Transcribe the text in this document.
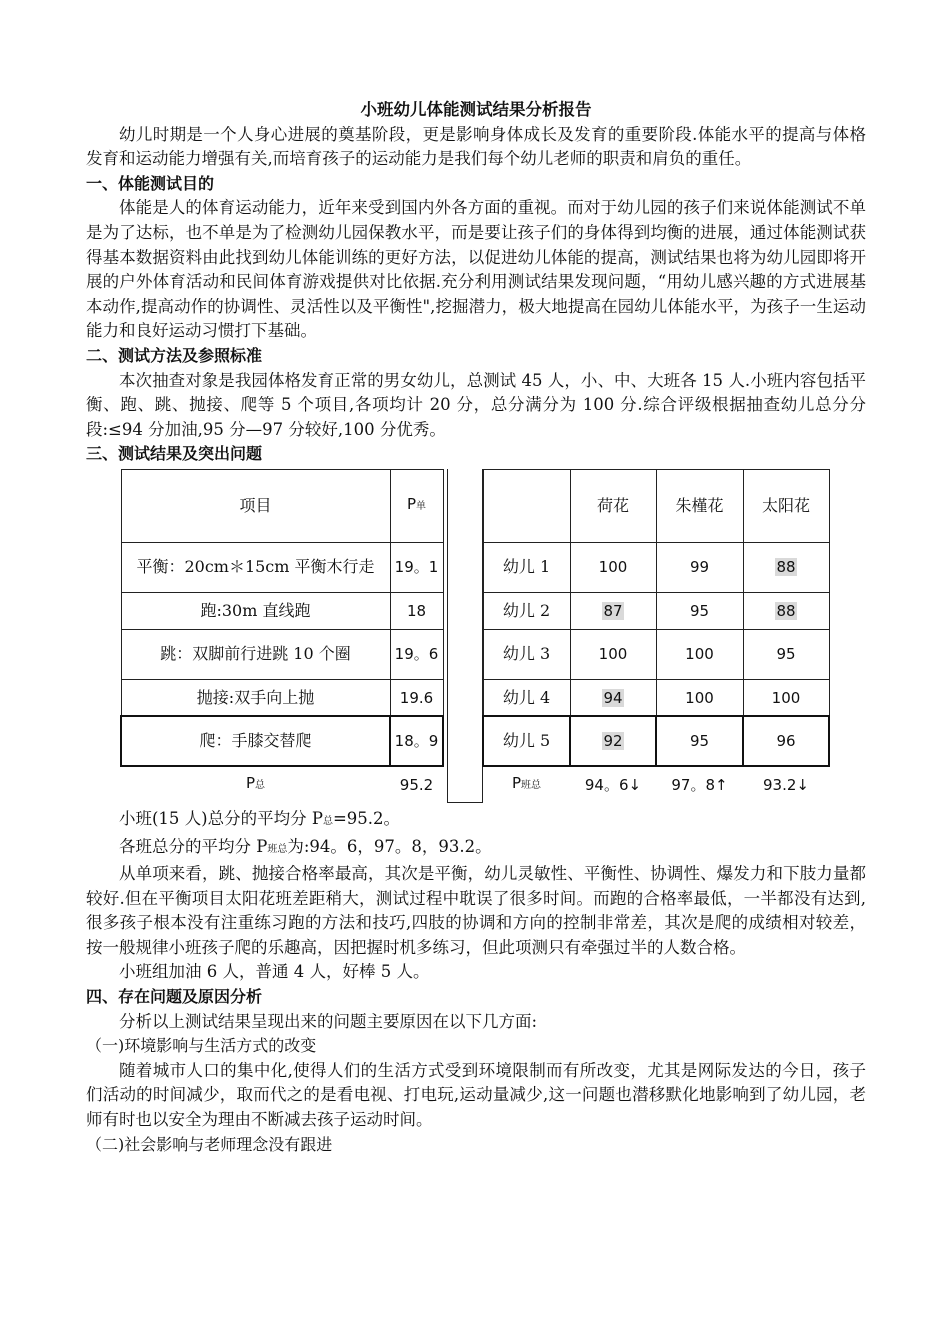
小班幼儿体能测试结果分析报告

幼儿时期是一个人身心进展的奠基阶段，更是影响身体成长及发育的重要阶段.体能水平的提高与体格发育和运动能力增强有关,而培育孩子的运动能力是我们每个幼儿老师的职责和肩负的重任。

一、体能测试目的

体能是人的体育运动能力，近年来受到国内外各方面的重视。而对于幼儿园的孩子们来说体能测试不单是为了达标，也不单是为了检测幼儿园保教水平，而是要让孩子们的身体得到均衡的进展，通过体能测试获得基本数据资料由此找到幼儿体能训练的更好方法，以促进幼儿体能的提高，测试结果也将为幼儿园即将开展的户外体育活动和民间体育游戏提供对比依据.充分利用测试结果发现问题，“用幼儿感兴趣的方式进展基本动作,提高动作的协调性、灵活性以及平衡性",挖掘潜力，极大地提高在园幼儿体能水平，为孩子一生运动能力和良好运动习惯打下基础。

二、测试方法及参照标准

本次抽查对象是我园体格发育正常的男女幼儿，总测试 45 人，小、中、大班各 15 人.小班内容包括平衡、跑、跳、抛接、爬等 5 个项目,各项均计 20 分，总分满分为 100 分.综合评级根据抽查幼儿总分分段:≤94 分加油,95 分—97 分较好,100 分优秀。

三、测试结果及突出问题

项目	P单
平衡：20cm＊15cm 平衡木行走	19。1
跑:30m 直线跑	18
跳：双脚前行进跳 10 个圈	19。6
抛接:双手向上抛	19.6
爬：手膝交替爬	18。9
P总	95.2
	荷花	朱槿花	太阳花
幼儿 1	100	99	88
幼儿 2	87	95	88
幼儿 3	100	100	95
幼儿 4	94	100	100
幼儿 5	92	95	96
P班总	94。6↓	97。8↑	93.2↓

小班(15 人)总分的平均分 P总=95.2。

各班总分的平均分 P班总为:94。6，97。8，93.2。

从单项来看，跳、抛接合格率最高，其次是平衡，幼儿灵敏性、平衡性、协调性、爆发力和下肢力量都较好.但在平衡项目太阳花班差距稍大，测试过程中耽误了很多时间。而跑的合格率最低，一半都没有达到,很多孩子根本没有注重练习跑的方法和技巧,四肢的协调和方向的控制非常差，其次是爬的成绩相对较差，按一般规律小班孩子爬的乐趣高，因把握时机多练习，但此项测只有牵强过半的人数合格。

小班组加油 6 人，普通 4 人，好棒 5 人。

四、存在问题及原因分析

分析以上测试结果呈现出来的问题主要原因在以下几方面:

（一)环境影响与生活方式的改变

随着城市人口的集中化,使得人们的生活方式受到环境限制而有所改变，尤其是网际发达的今日，孩子们活动的时间减少，取而代之的是看电视、打电玩,运动量减少,这一问题也潜移默化地影响到了幼儿园，老师有时也以安全为理由不断减去孩子运动时间。

（二)社会影响与老师理念没有跟进
